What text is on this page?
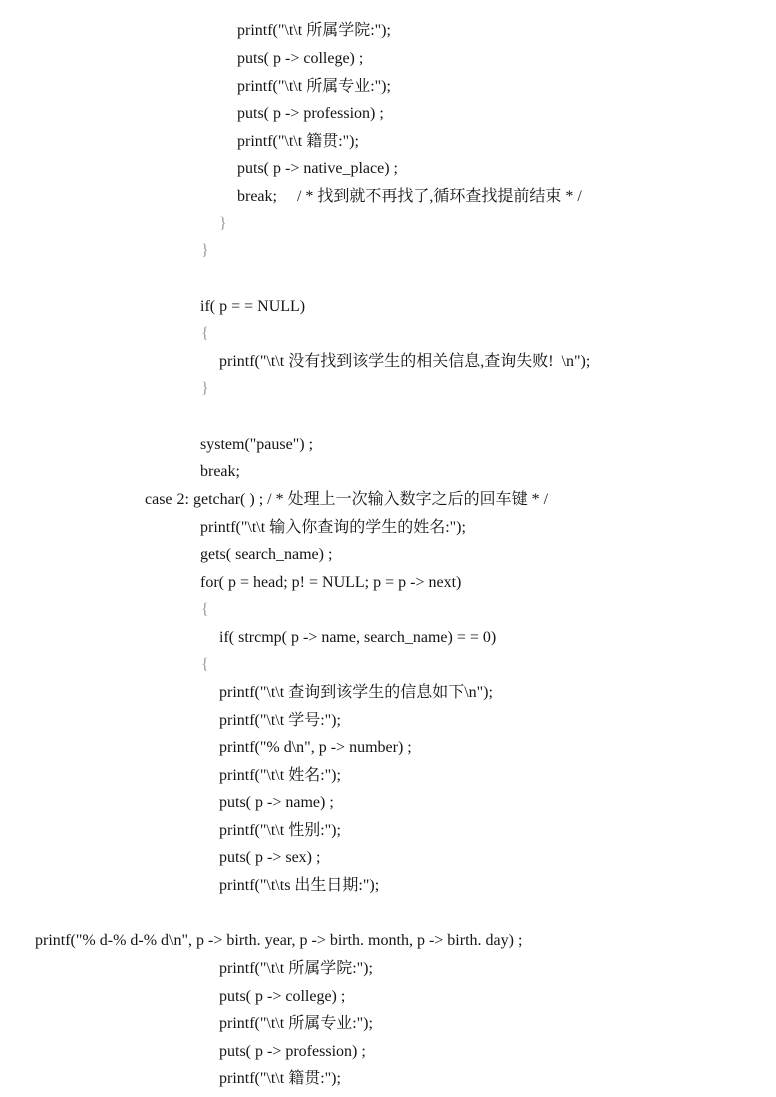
printf("\t\t 所属学院:");
puts( p -> college) ;
printf("\t\t 所属专业:");
puts( p -> profession) ;
printf("\t\t 籍贯:");
puts( p -> native_place) ;
break;     / * 找到就不再找了,循环查找提前结束 * /
}
}
if( p = = NULL)
{
printf("\t\t 没有找到该学生的相关信息,查询失败!  \n");
}
system("pause") ;
break;
case 2: getchar( ) ; / * 处理上一次输入数字之后的回车键 * /
printf("\t\t 输入你查询的学生的姓名:");
gets( search_name) ;
for( p = head; p! = NULL; p = p -> next)
{
if( strcmp( p -> name, search_name) = = 0)
{
printf("\t\t 查询到该学生的信息如下\n");
printf("\t\t 学号:");
printf("% d\n", p -> number) ;
printf("\t\t 姓名:");
puts( p -> name) ;
printf("\t\t 性别:");
puts( p -> sex) ;
printf("\t\ts 出生日期:");
printf("% d-% d-% d\n", p -> birth. year, p -> birth. month, p -> birth. day) ;
printf("\t\t 所属学院:");
puts( p -> college) ;
printf("\t\t 所属专业:");
puts( p -> profession) ;
printf("\t\t 籍贯:");
